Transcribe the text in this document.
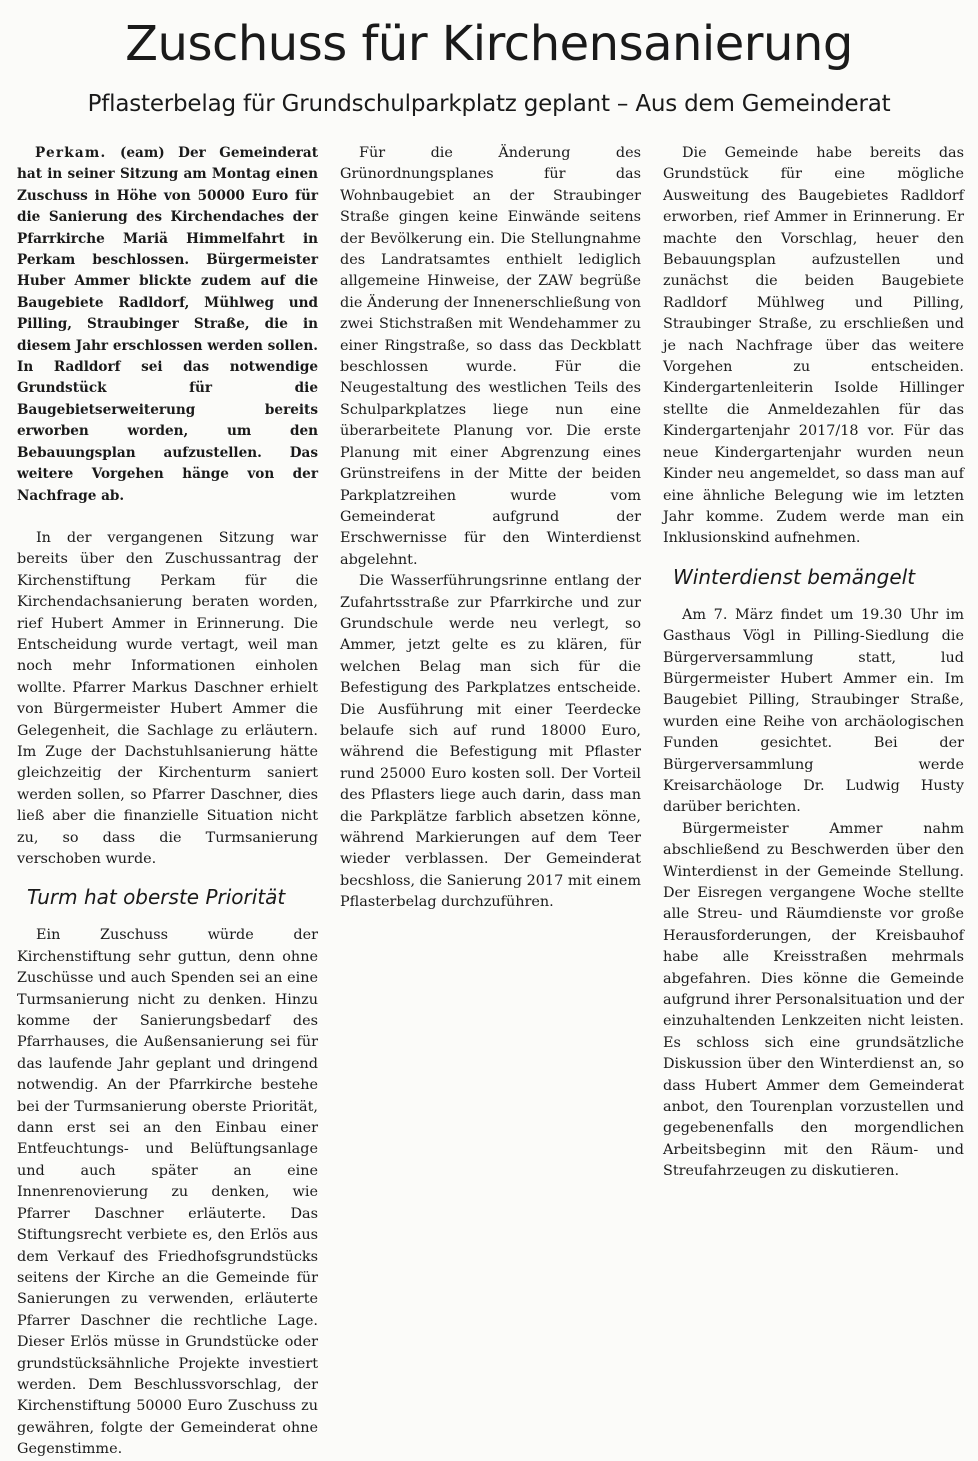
Zuschuss für Kirchensanierung
Pflasterbelag für Grundschulparkplatz geplant – Aus dem Gemeinderat

Perkam. (eam) Der Gemeinderat hat in seiner Sitzung am Montag einen Zuschuss in Höhe von 50000 Euro für die Sanierung des Kirchendaches der Pfarrkirche Mariä Himmelfahrt in Perkam beschlossen. Bürgermeister Huber Ammer blickte zudem auf die Baugebiete Radldorf, Mühlweg und Pilling, Straubinger Straße, die in diesem Jahr erschlossen werden sollen. In Radldorf sei das notwendige Grundstück für die Baugebietserweiterung bereits erworben worden, um den Bebauungsplan aufzustellen. Das weitere Vorgehen hänge von der Nachfrage ab.

In der vergangenen Sitzung war bereits über den Zuschussantrag der Kirchenstiftung Perkam für die Kirchendachsanierung beraten worden, rief Hubert Ammer in Erinnerung. Die Entscheidung wurde vertagt, weil man noch mehr Informationen einholen wollte. Pfarrer Markus Daschner erhielt von Bürgermeister Hubert Ammer die Gelegenheit, die Sachlage zu erläutern. Im Zuge der Dachstuhlsanierung hätte gleichzeitig der Kirchenturm saniert werden sollen, so Pfarrer Daschner, dies ließ aber die finanzielle Situation nicht zu, so dass die Turmsanierung verschoben wurde.

Turm hat oberste Priorität

Ein Zuschuss würde der Kirchenstiftung sehr guttun, denn ohne Zuschüsse und auch Spenden sei an eine Turmsanierung nicht zu denken. Hinzu komme der Sanierungsbedarf des Pfarrhauses, die Außensanierung sei für das laufende Jahr geplant und dringend notwendig. An der Pfarrkirche bestehe bei der Turmsanierung oberste Priorität, dann erst sei an den Einbau einer Entfeuchtungs- und Belüftungsanlage und auch später an eine Innenrenovierung zu denken, wie Pfarrer Daschner erläuterte. Das Stiftungsrecht verbiete es, den Erlös aus dem Verkauf des Friedhofsgrundstücks seitens der Kirche an die Gemeinde für Sanierungen zu verwenden, erläuterte Pfarrer Daschner die rechtliche Lage. Dieser Erlös müsse in Grundstücke oder grundstücksähnliche Projekte investiert werden. Dem Beschlussvorschlag, der Kirchenstiftung 50000 Euro Zuschuss zu gewähren, folgte der Gemeinderat ohne Gegenstimme.

Für die Änderung des Grünordnungsplanes für das Wohnbaugebiet an der Straubinger Straße gingen keine Einwände seitens der Bevölkerung ein. Die Stellungnahme des Landratsamtes enthielt lediglich allgemeine Hinweise, der ZAW begrüße die Änderung der Innenerschließung von zwei Stichstraßen mit Wendehammer zu einer Ringstraße, so dass das Deckblatt beschlossen wurde. Für die Neugestaltung des westlichen Teils des Schulparkplatzes liege nun eine überarbeitete Planung vor. Die erste Planung mit einer Abgrenzung eines Grünstreifens in der Mitte der beiden Parkplatzreihen wurde vom Gemeinderat aufgrund der Erschwernisse für den Winterdienst abgelehnt.

Die Wasserführungsrinne entlang der Zufahrtsstraße zur Pfarrkirche und zur Grundschule werde neu verlegt, so Ammer, jetzt gelte es zu klären, für welchen Belag man sich für die Befestigung des Parkplatzes entscheide. Die Ausführung mit einer Teerdecke belaufe sich auf rund 18000 Euro, während die Befestigung mit Pflaster rund 25000 Euro kosten soll. Der Vorteil des Pflasters liege auch darin, dass man die Parkplätze farblich absetzen könne, während Markierungen auf dem Teer wieder verblassen. Der Gemeinderat becshloss, die Sanierung 2017 mit einem Pflasterbelag durchzuführen.

Die Gemeinde habe bereits das Grundstück für eine mögliche Ausweitung des Baugebietes Radldorf erworben, rief Ammer in Erinnerung. Er machte den Vorschlag, heuer den Bebauungsplan aufzustellen und zunächst die beiden Baugebiete Radldorf Mühlweg und Pilling, Straubinger Straße, zu erschließen und je nach Nachfrage über das weitere Vorgehen zu entscheiden. Kindergartenleiterin Isolde Hillinger stellte die Anmeldezahlen für das Kindergartenjahr 2017/18 vor. Für das neue Kindergartenjahr wurden neun Kinder neu angemeldet, so dass man auf eine ähnliche Belegung wie im letzten Jahr komme. Zudem werde man ein Inklusionskind aufnehmen.

Winterdienst bemängelt

Am 7. März findet um 19.30 Uhr im Gasthaus Vögl in Pilling-Siedlung die Bürgerversammlung statt, lud Bürgermeister Hubert Ammer ein. Im Baugebiet Pilling, Straubinger Straße, wurden eine Reihe von archäologischen Funden gesichtet. Bei der Bürgerversammlung werde Kreisarchäologe Dr. Ludwig Husty darüber berichten.

Bürgermeister Ammer nahm abschließend zu Beschwerden über den Winterdienst in der Gemeinde Stellung. Der Eisregen vergangene Woche stellte alle Streu- und Räumdienste vor große Herausforderungen, der Kreisbauhof habe alle Kreisstraßen mehrmals abgefahren. Dies könne die Gemeinde aufgrund ihrer Personalsituation und der einzuhaltenden Lenkzeiten nicht leisten. Es schloss sich eine grundsätzliche Diskussion über den Winterdienst an, so dass Hubert Ammer dem Gemeinderat anbot, den Tourenplan vorzustellen und gegebenenfalls den morgendlichen Arbeitsbeginn mit den Räum- und Streufahrzeugen zu diskutieren.
